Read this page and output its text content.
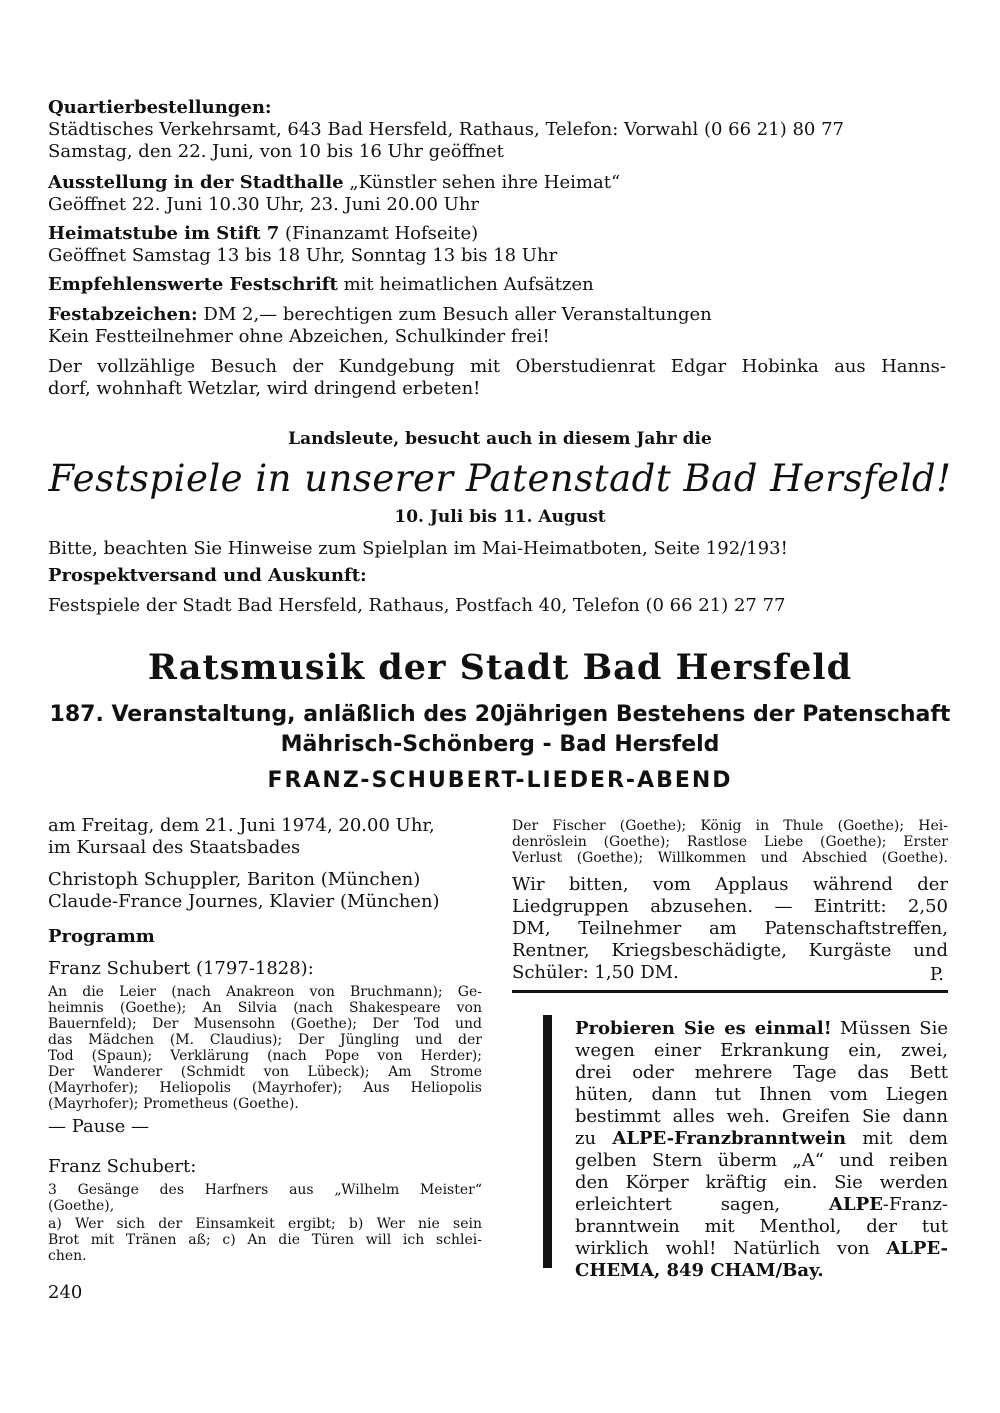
Quartierbestellungen:
Städtisches Verkehrsamt, 643 Bad Hersfeld, Rathaus, Telefon: Vorwahl (0 66 21) 80 77
Samstag, den 22. Juni, von 10 bis 16 Uhr geöffnet
Ausstellung in der Stadthalle „Künstler sehen ihre Heimat“
Geöffnet 22. Juni 10.30 Uhr, 23. Juni 20.00 Uhr
Heimatstube im Stift 7 (Finanzamt Hofseite)
Geöffnet Samstag 13 bis 18 Uhr, Sonntag 13 bis 18 Uhr
Empfehlenswerte Festschrift mit heimatlichen Aufsätzen
Festabzeichen: DM 2,— berechtigen zum Besuch aller Veranstaltungen
Kein Festteilnehmer ohne Abzeichen, Schulkinder frei!
Der vollzählige Besuch der Kundgebung mit Oberstudienrat Edgar Hobinka aus Hanns-
dorf, wohnhaft Wetzlar, wird dringend erbeten!
Landsleute, besucht auch in diesem Jahr die
Festspiele in unserer Patenstadt Bad Hersfeld!
10. Juli bis 11. August
Bitte, beachten Sie Hinweise zum Spielplan im Mai-Heimatboten, Seite 192/193!
Prospektversand und Auskunft:
Festspiele der Stadt Bad Hersfeld, Rathaus, Postfach 40, Telefon (0 66 21) 27 77
Ratsmusik der Stadt Bad Hersfeld
187. Veranstaltung, anläßlich des 20jährigen Bestehens der Patenschaft
Mährisch-Schönberg - Bad Hersfeld
FRANZ-SCHUBERT-LIEDER-ABEND
am Freitag, dem 21. Juni 1974, 20.00 Uhr,
im Kursaal des Staatsbades
Christoph Schuppler, Bariton (München)
Claude-France Journes, Klavier (München)
Programm
Franz Schubert (1797-1828):
An die Leier (nach Anakreon von Bruchmann); Ge-
heimnis (Goethe); An Silvia (nach Shakespeare von
Bauernfeld); Der Musensohn (Goethe); Der Tod und
das Mädchen (M. Claudius); Der Jüngling und der
Tod (Spaun); Verklärung (nach Pope von Herder);
Der Wanderer (Schmidt von Lübeck); Am Strome
(Mayrhofer); Heliopolis (Mayrhofer); Aus Heliopolis
(Mayrhofer); Prometheus (Goethe).
— Pause —
Franz Schubert:
3 Gesänge des Harfners aus „Wilhelm Meister“
(Goethe),
a) Wer sich der Einsamkeit ergibt; b) Wer nie sein
Brot mit Tränen aß; c) An die Türen will ich schlei-
chen.
240
Der Fischer (Goethe); König in Thule (Goethe); Hei-
denröslein (Goethe); Rastlose Liebe (Goethe); Erster
Verlust (Goethe); Willkommen und Abschied (Goethe).
Wir bitten, vom Applaus während der
Liedgruppen abzusehen. — Eintritt: 2,50
DM, Teilnehmer am Patenschaftstreffen,
Rentner, Kriegsbeschädigte, Kurgäste und
Schüler: 1,50 DM.	P.
Probieren Sie es einmal! Müssen Sie
wegen einer Erkrankung ein, zwei,
drei oder mehrere Tage das Bett
hüten, dann tut Ihnen vom Liegen
bestimmt alles weh. Greifen Sie dann
zu ALPE-Franzbranntwein mit dem
gelben Stern überm „A“ und reiben
den Körper kräftig ein. Sie werden
erleichtert sagen, ALPE-Franz-
branntwein mit Menthol, der tut
wirklich wohl! Natürlich von ALPE-
CHEMA, 849 CHAM/Bay.
